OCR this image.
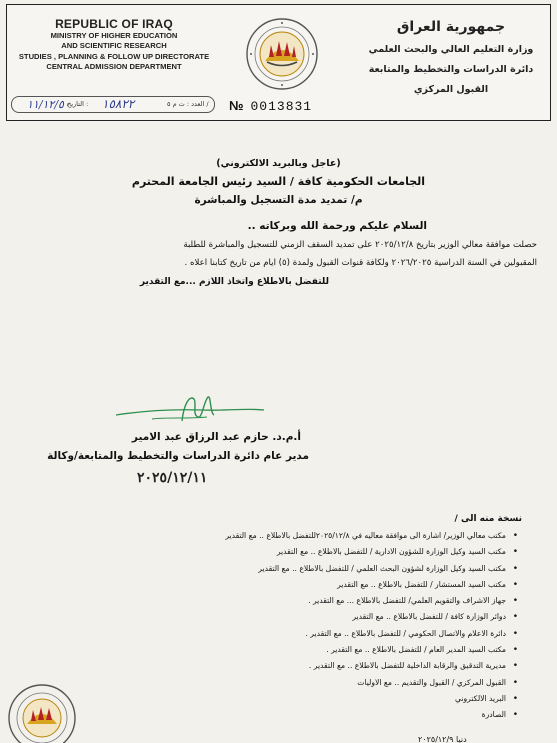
REPUBLIC OF IRAQ
MINISTRY OF HIGHER EDUCATION
AND SCIENTIFIC RESEARCH
STUDIES , PLANNING & FOLLOW UP DIRECTORATE
CENTRAL ADMISSION DEPARTMENT
جمهورية العراق
وزارة التعليم العالي والبحث العلمي
دائرة الدراسات والتخطيط والمتابعة
القبول المركزي
١١/١٢/٥٠
التاريخ : ١٥٨٢٢	العدد : ت م ٥ / № 0013831
(عاجل وبالبريد الالكتروني)
الجامعات الحكومية كافة / السيد رئيس الجامعة المحترم
م/ تمديد مدة التسجيل والمباشرة
السلام عليكم ورحمة الله وبركاته ..
حصلت موافقة معالي الوزير بتاريخ ٢٠٢٥/١٢/٨ على تمديد السقف الزمني للتسجيل والمباشرة للطلبة
المقبولين في السنة الدراسية ٢٠٢٦/٢٠٢٥ ولكافة قنوات القبول ولمدة (٥) ايام من تاريخ كتابنا اعلاه .
للتفضل بالاطلاع واتخاذ اللازم ...مع التقدير
أ.م.د. حازم عبد الرزاق عبد الامير
مدير عام دائرة الدراسات والتخطيط والمتابعة/وكالة
٢٠٢٥/١٢/١١
نسخة منه الى /
• مكتب معالي الوزير/ اشارة الى موافقة معاليه في ٢٠٢٥/١٢/٨للتفضل بالاطلاع .. مع التقدير
• مكتب السيد وكيل الوزارة للشؤون الادارية / للتفضل بالاطلاع .. مع التقدير
• مكتب السيد وكيل الوزارة لشؤون البحث العلمي / للتفضل بالاطلاع .. مع التقدير
• مكتب السيد المستشار / للتفضل بالاطلاع .. مع التقدير
• جهاز الاشراف والتقويم العلمي/ للتفضل بالاطلاع ... مع التقدير .
• دوائر الوزارة كافة / للتفضل بالاطلاع .. مع التقدير
• دائرة الاعلام والاتصال الحكومي / للتفضل بالاطلاع .. مع التقدير .
• مكتب السيد المدير العام / للتفضل بالاطلاع .. مع التقدير .
• مديرية التدقيق والرقابة الداخلية للتفضل بالاطلاع .. مع التقدير .
• القبول المركزي / القبول والتقديم .. مع الاوليات
• البريد الالكتروني
• الصادرة
دنيا ٢٠٢٥/١٢/٩
